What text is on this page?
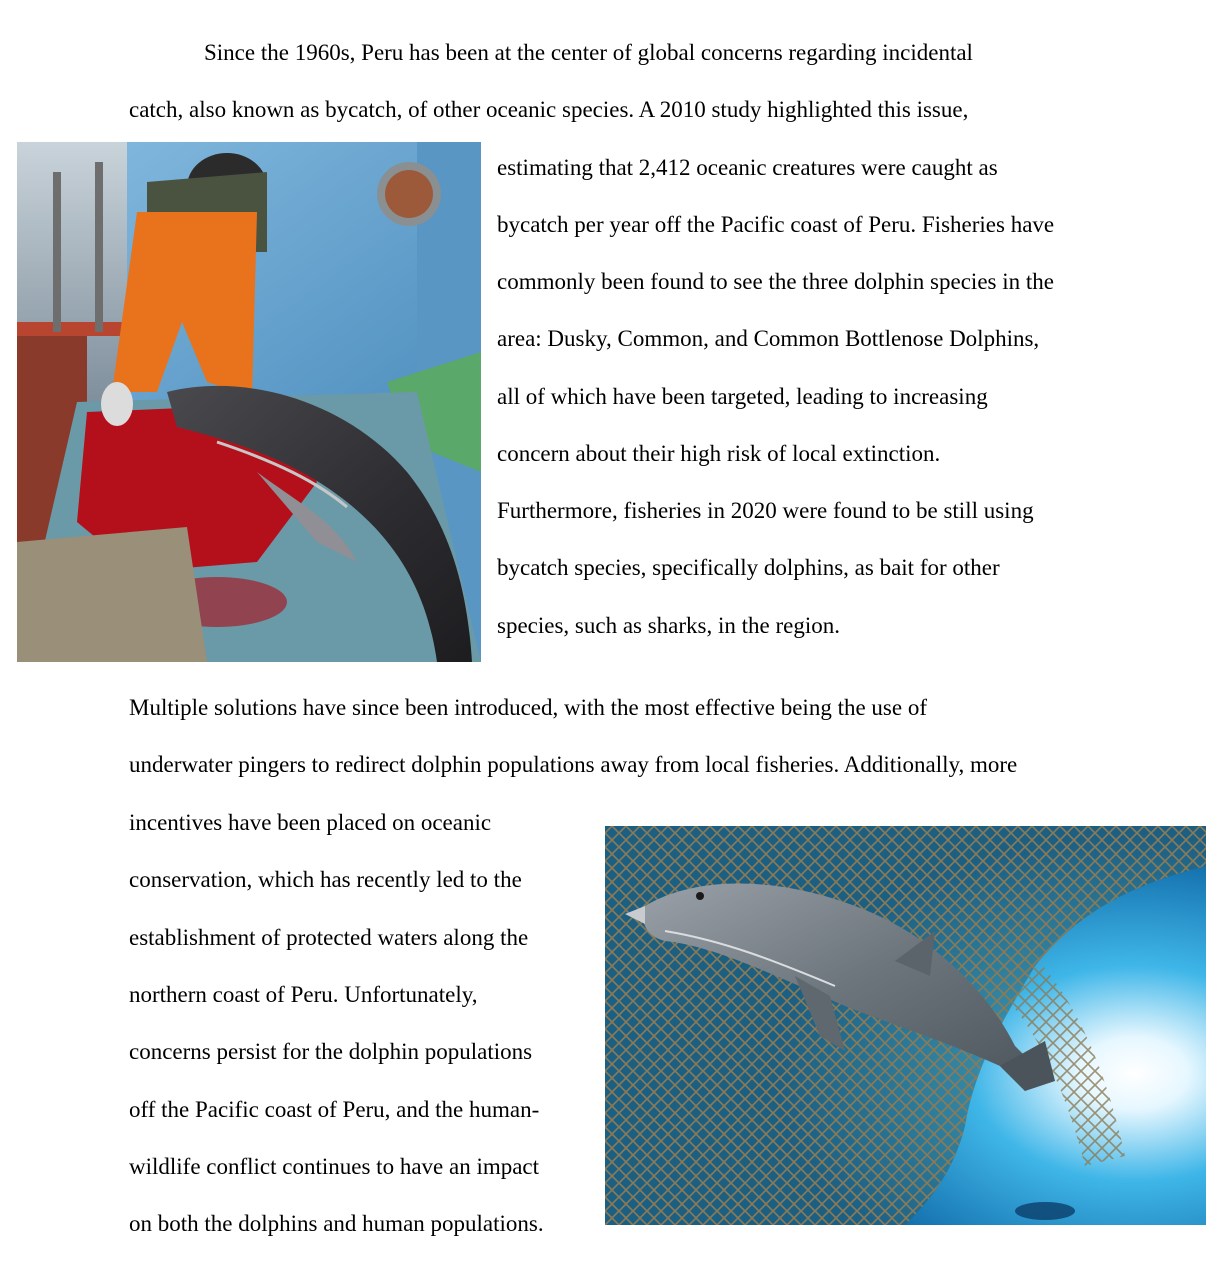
Since the 1960s, Peru has been at the center of global concerns regarding incidental

catch, also known as bycatch, of other oceanic species. A 2010 study highlighted this issue,

estimating that 2,412 oceanic creatures were caught as

bycatch per year off the Pacific coast of Peru. Fisheries have

commonly been found to see the three dolphin species in the

area: Dusky, Common, and Common Bottlenose Dolphins,

all of which have been targeted, leading to increasing

concern about their high risk of local extinction.

Furthermore, fisheries in 2020 were found to be still using

bycatch species, specifically dolphins, as bait for other

species, such as sharks, in the region.

Multiple solutions have since been introduced, with the most effective being the use of

underwater pingers to redirect dolphin populations away from local fisheries. Additionally, more

incentives have been placed on oceanic

conservation, which has recently led to the

establishment of protected waters along the

northern coast of Peru. Unfortunately,

concerns persist for the dolphin populations

off the Pacific coast of Peru, and the human-

wildlife conflict continues to have an impact

on both the dolphins and human populations.
